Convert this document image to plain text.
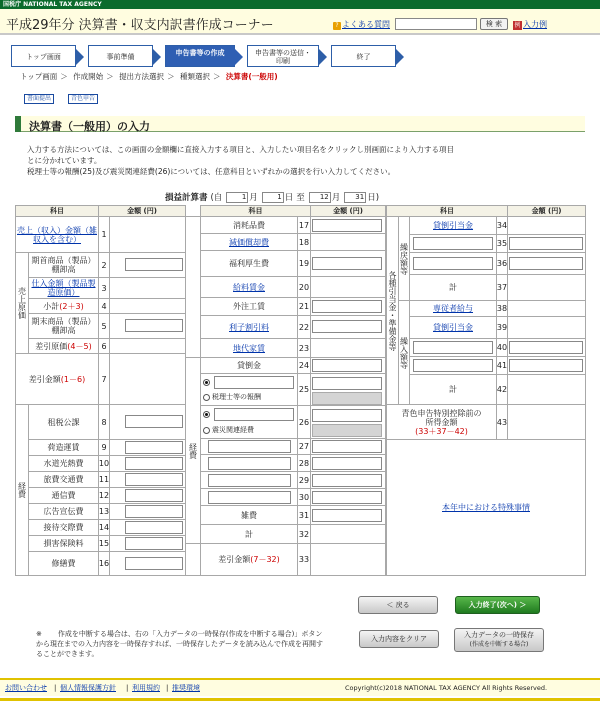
国税庁 NATIONAL TAX AGENCY
平成29年分 決算書・収支内訳書作成コーナー	? よくある質問	検 索	例 入力例
トップ画面	事前準備	申告書等の作成	申告書等の送信・印刷	終了
トップ画面 ＞ 作成開始 ＞ 提出方法選択 ＞ 種類選択 ＞ 決算書(一般用)
書面提出	青色申告
決算書（一般用）の入力
入力する方法については、この画面の金額欄に直接入力する項目と、入力したい項目名をクリックし別画面により入力する項目
とに分かれています。
税理士等の報酬(25)及び震災関連経費(26)については、任意科目といずれかの選択を行い入力してください。
損益計算書 (自	1 月	1 日 至 12 月 31 日)
科目	金額 (円)	科目	金額 (円)	科目	金額 (円)
売上（収入）金額（雑収入を含む）	1
売上原価
期首商品（製品）棚卸高	2
仕入金額（製品製造原価）	3
小計 (2＋3)	4
期末商品（製品）棚卸高	5
差引原価 (4－5)	6
差引金額 (1－6)	7
経費
租税公課	8
荷造運賃	9
水道光熱費	10
旅費交通費	11
通信費	12
広告宣伝費	13
接待交際費	14
損害保険料	15
修繕費	16
経費
消耗品費	17
減価償却費	18
福利厚生費	19
給料賃金	20
外注工賃	21
利子割引料	22
地代家賃	23
貸倒金	24
税理士等の報酬
25
震災関連経費
26
27
28
29
30
雑費	31
計	32
差引金額 (7－32) 33
各種引当金・準備金等
繰戻額等
繰入額等
貸倒引当金	34
35
36
計	37
専従者給与	38
貸倒引当金	39
40
41
計	42
青色申告特別控除前の所得金額
(33＋37－42)
43
本年中における特殊事情
＜ 戻る	入力終了(次へ) ＞
※ 作成を中断する場合は、右の「入力データの一時保存(作成を中断する場合)」ボタンから現在までの入力内容を一時保存すれば、一時保存したデータを読み込んで作成を再開することができます。
入力内容をクリア	入力データの一時保存
(作成を中断する場合)
お問い合わせ | 個人情報保護方針 | 利用規約 | 推奨環境	Copyright(c)2018 NATIONAL TAX AGENCY All Rights Reserved.
